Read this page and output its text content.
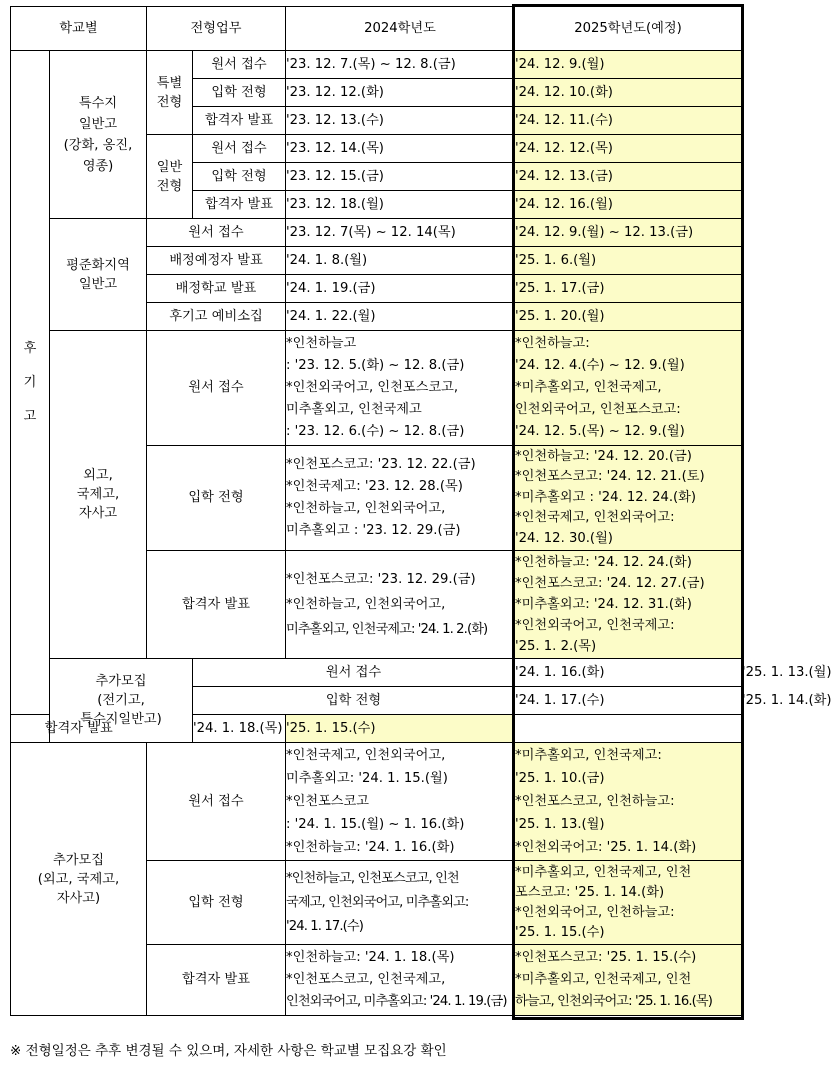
학교별		전형업무		2024학년도	2025학년도(예정)	

후
기
고	특수지
일반고
(강화, 옹진,
영종)	특별
전형	원서 접수	'23. 12. 7.(목) ~ 12. 8.(금)	'24. 12. 9.(월)	
			입학 전형	'23. 12. 12.(화)	'24. 12. 10.(화)	
			합격자 발표	'23. 12. 13.(수)	'24. 12. 11.(수)	

		일반
전형	원서 접수	'23. 12. 14.(목)	'24. 12. 12.(목)	
			입학 전형	'23. 12. 15.(금)	'24. 12. 13.(금)	
			합격자 발표	'23. 12. 18.(월)	'24. 12. 16.(월)	

	평준화지역
일반고	원서 접수		'23. 12. 7(목) ~ 12. 14(목)	'24. 12. 9.(월) ~ 12. 13.(금)	
		배정예정자 발표		'24. 1. 8.(월)	'25. 1. 6.(월)	
		배정학교 발표		'24. 1. 19.(금)	'25. 1. 17.(금)	
		후기고 예비소집		'24. 1. 22.(월)	'25. 1. 20.(월)	

	외고,
국제고,
자사고	원서 접수		*인천하늘고
: '23. 12. 5.(화) ~ 12. 8.(금)
*인천외국어고, 인천포스코고,
미추홀외고, 인천국제고
: '23. 12. 6.(수) ~ 12. 8.(금)	*인천하늘고:
'24. 12. 4.(수) ~ 12. 9.(월)
*미추홀외고, 인천국제고,
인천외국어고, 인천포스코고:
'24. 12. 5.(목) ~ 12. 9.(월)	

		입학 전형		*인천포스코고: '23. 12. 22.(금)
*인천국제고: '23. 12. 28.(목)
*인천하늘고, 인천외국어고,
미추홀외고 : '23. 12. 29.(금)	*인천하늘고: '24. 12. 20.(금)
*인천포스코고: '24. 12. 21.(토)
*미추홀외고 : '24. 12. 24.(화)
*인천국제고, 인천외국어고:
'24. 12. 30.(월)	

		합격자 발표		*인천포스코고: '23. 12. 29.(금)
*인천하늘고, 인천외국어고,
미추홀외고, 인천국제고: '24. 1. 2.(화)	*인천하늘고: '24. 12. 24.(화)
*인천포스코고: '24. 12. 27.(금)
*미추홀외고: '24. 12. 31.(화)
*인천외국어고, 인천국제고:
'25. 1. 2.(목)	

	추가모집
(전기고,
특수지일반고)		원서 접수		'24. 1. 16.(화)	'25. 1. 13.(월)
			입학 전형		'24. 1. 17.(수)	'25. 1. 14.(화)
합격자 발표			'24. 1. 18.(목)	'25. 1. 15.(수)		

추가모집
(외고, 국제고,
자사고)		원서 접수		*인천국제고, 인천외국어고,
미추홀외고: '24. 1. 15.(월)
*인천포스코고
: '24. 1. 15.(월) ~ 1. 16.(화)
*인천하늘고: '24. 1. 16.(화)	*미추홀외고, 인천국제고:
'25. 1. 10.(금)
*인천포스코고, 인천하늘고:
'25. 1. 13.(월)
*인천외국어고: '25. 1. 14.(화)	

		입학 전형		*인천하늘고, 인천포스코고, 인천
국제고, 인천외국어고, 미추홀외고:
'24. 1. 17.(수)	*미추홀외고, 인천국제고, 인천
포스코고: '25. 1. 14.(화)
*인천외국어고, 인천하늘고:
'25. 1. 15.(수)	

		합격자 발표		*인천하늘고: '24. 1. 18.(목)
*인천포스코고, 인천국제고,
인천외국어고, 미추홀외고: '24. 1. 19.(금)	*인천포스코고: '25. 1. 15.(수)
*미추홀외고, 인천국제고, 인천
하늘고, 인천외국어고: '25. 1. 16.(목)	
※ 전형일정은 추후 변경될 수 있으며, 자세한 사항은 학교별 모집요강 확인
